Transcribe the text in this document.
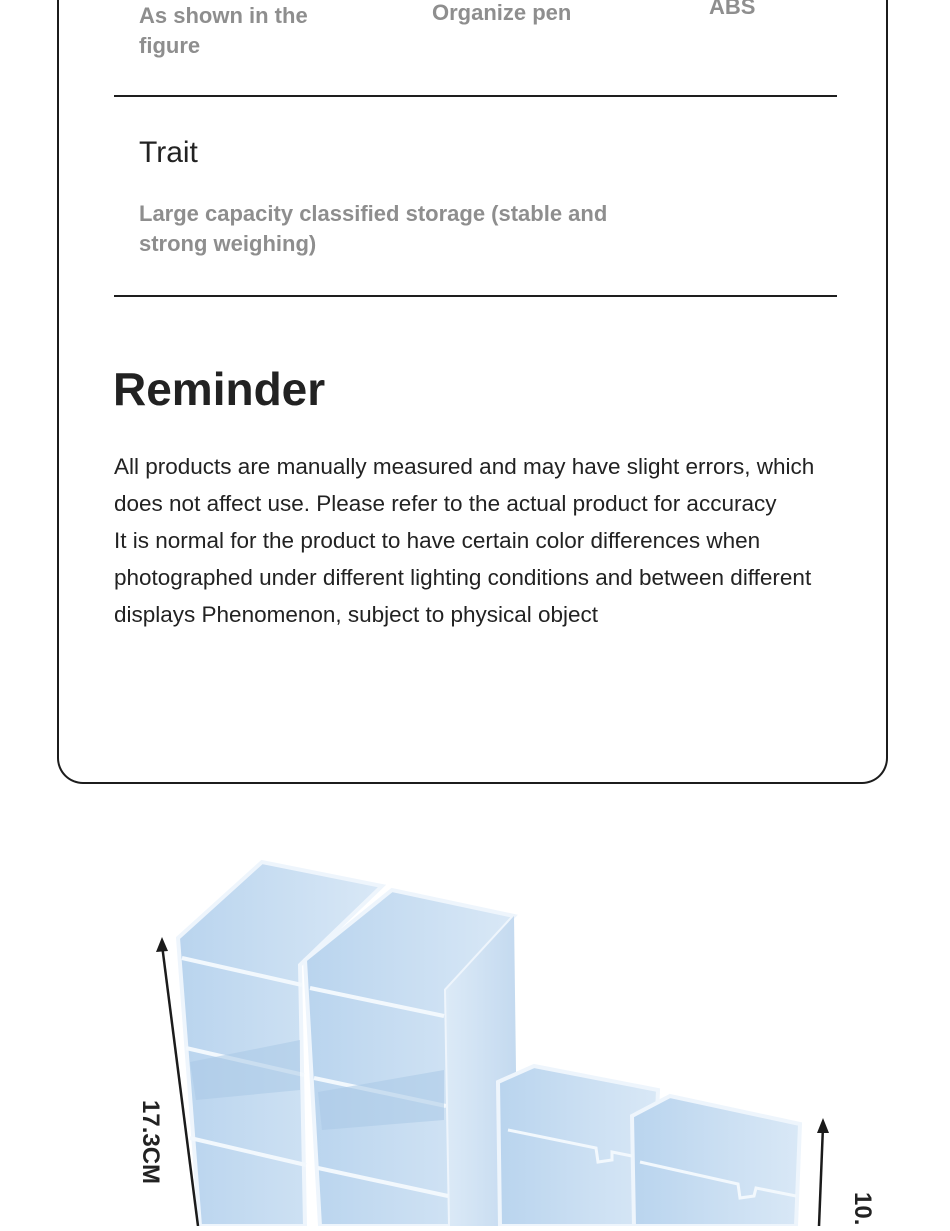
As shown in the figure
Organize pen	ABS
Trait
Large capacity classified storage (stable and strong weighing)
Reminder

All products are manually measured and may have slight errors, which does not affect use. Please refer to the actual product for accuracy

It is normal for the product to have certain color differences when photographed under different lighting conditions and between different displays Phenomenon, subject to physical object

17.3CM
10.
